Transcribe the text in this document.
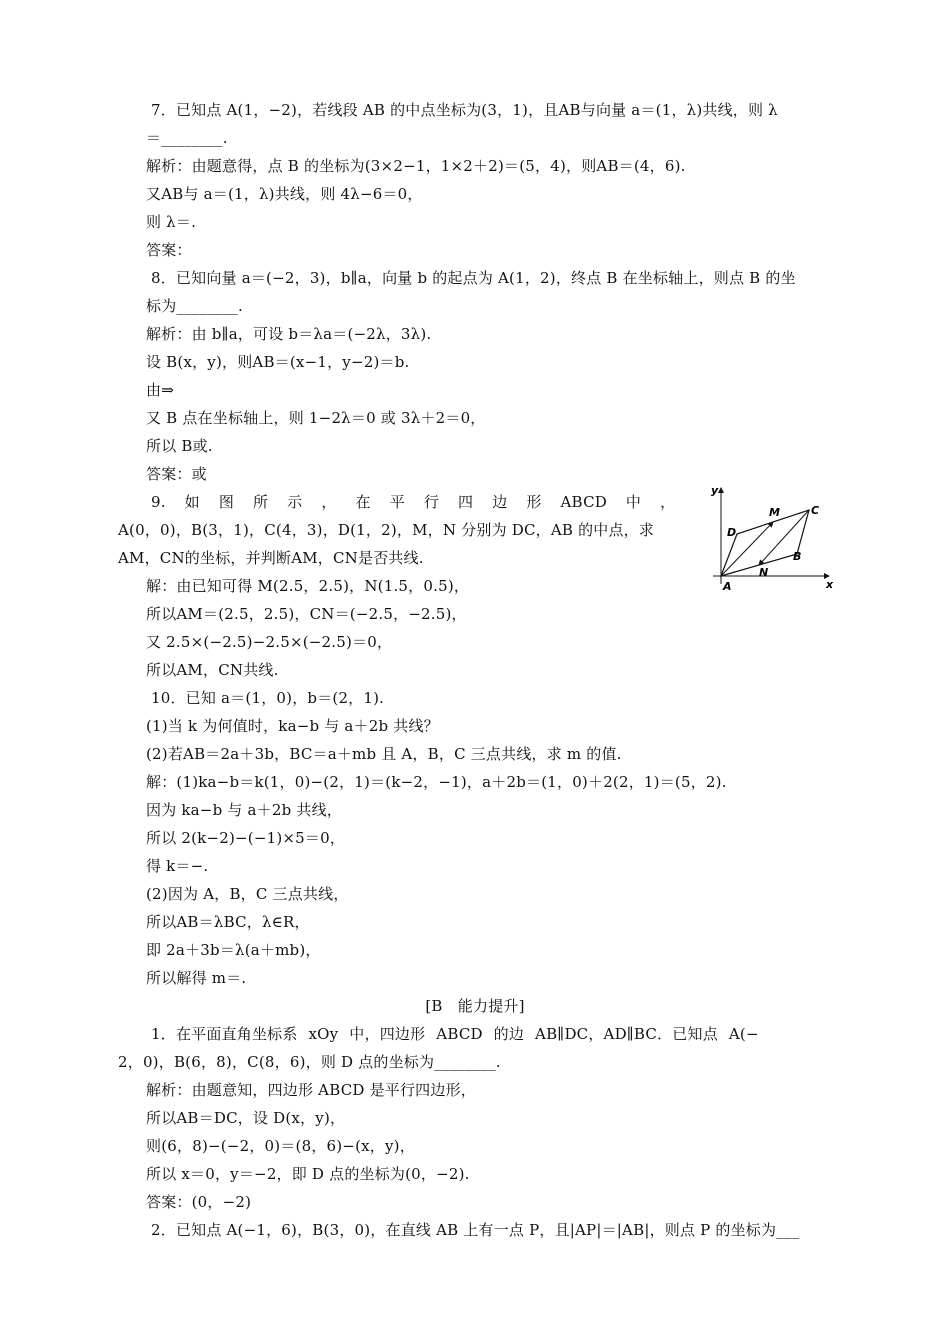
7．已知点 A(1，−2)，若线段 AB 的中点坐标为(3，1)，且AB与向量 a＝(1，λ)共线，则 λ
＝________.
解析：由题意得，点 B 的坐标为(3×2−1，1×2＋2)＝(5，4)，则AB＝(4，6).
又AB与 a＝(1，λ)共线，则 4λ−6＝0，
则 λ＝.
答案：
8．已知向量 a＝(−2，3)，b∥a，向量 b 的起点为 A(1，2)，终点 B 在坐标轴上，则点 B 的坐
标为________.
解析：由 b∥a，可设 b＝λa＝(−2λ，3λ).
设 B(x，y)，则AB＝(x−1，y−2)＝b.
由⇒
又 B 点在坐标轴上，则 1−2λ＝0 或 3λ＋2＝0，
所以 B或.
答案：或
9. 如 图 所 示 ， 在 平 行 四 边 形 ABCD 中 ，
A(0，0)，B(3，1)，C(4，3)，D(1，2)，M，N 分别为 DC，AB 的中点，求
AM，CN的坐标，并判断AM，CN是否共线.
解：由已知可得 M(2.5，2.5)，N(1.5，0.5)，
所以AM＝(2.5，2.5)，CN＝(−2.5，−2.5)，
又 2.5×(−2.5)−2.5×(−2.5)＝0，
所以AM，CN共线.
10．已知 a＝(1，0)，b＝(2，1).
(1)当 k 为何值时，ka−b 与 a＋2b 共线？
(2)若AB＝2a＋3b，BC＝a＋mb 且 A，B，C 三点共线，求 m 的值.
解：(1)ka−b＝k(1，0)−(2，1)＝(k−2，−1)，a＋2b＝(1，0)＋2(2，1)＝(5，2).
因为 ka−b 与 a＋2b 共线，
所以 2(k−2)−(−1)×5＝0，
得 k＝−.
(2)因为 A，B，C 三点共线，
所以AB＝λBC，λ∈R，
即 2a＋3b＝λ(a＋mb)，
所以解得 m＝.
[B　能力提升]
1．在平面直角坐标系 xOy 中，四边形 ABCD 的边 AB∥DC，AD∥BC．已知点 A(−
2，0)，B(6，8)，C(8，6)，则 D 点的坐标为________.
解析：由题意知，四边形 ABCD 是平行四边形，
所以AB＝DC，设 D(x，y)，
则(6，8)−(−2，0)＝(8，6)−(x，y)，
所以 x＝0，y＝−2，即 D 点的坐标为(0，−2).
答案：(0，−2)
2．已知点 A(−1，6)，B(3，0)，在直线 AB 上有一点 P，且|AP|＝|AB|，则点 P 的坐标为___
y
x
A
B
C
D
M
N
